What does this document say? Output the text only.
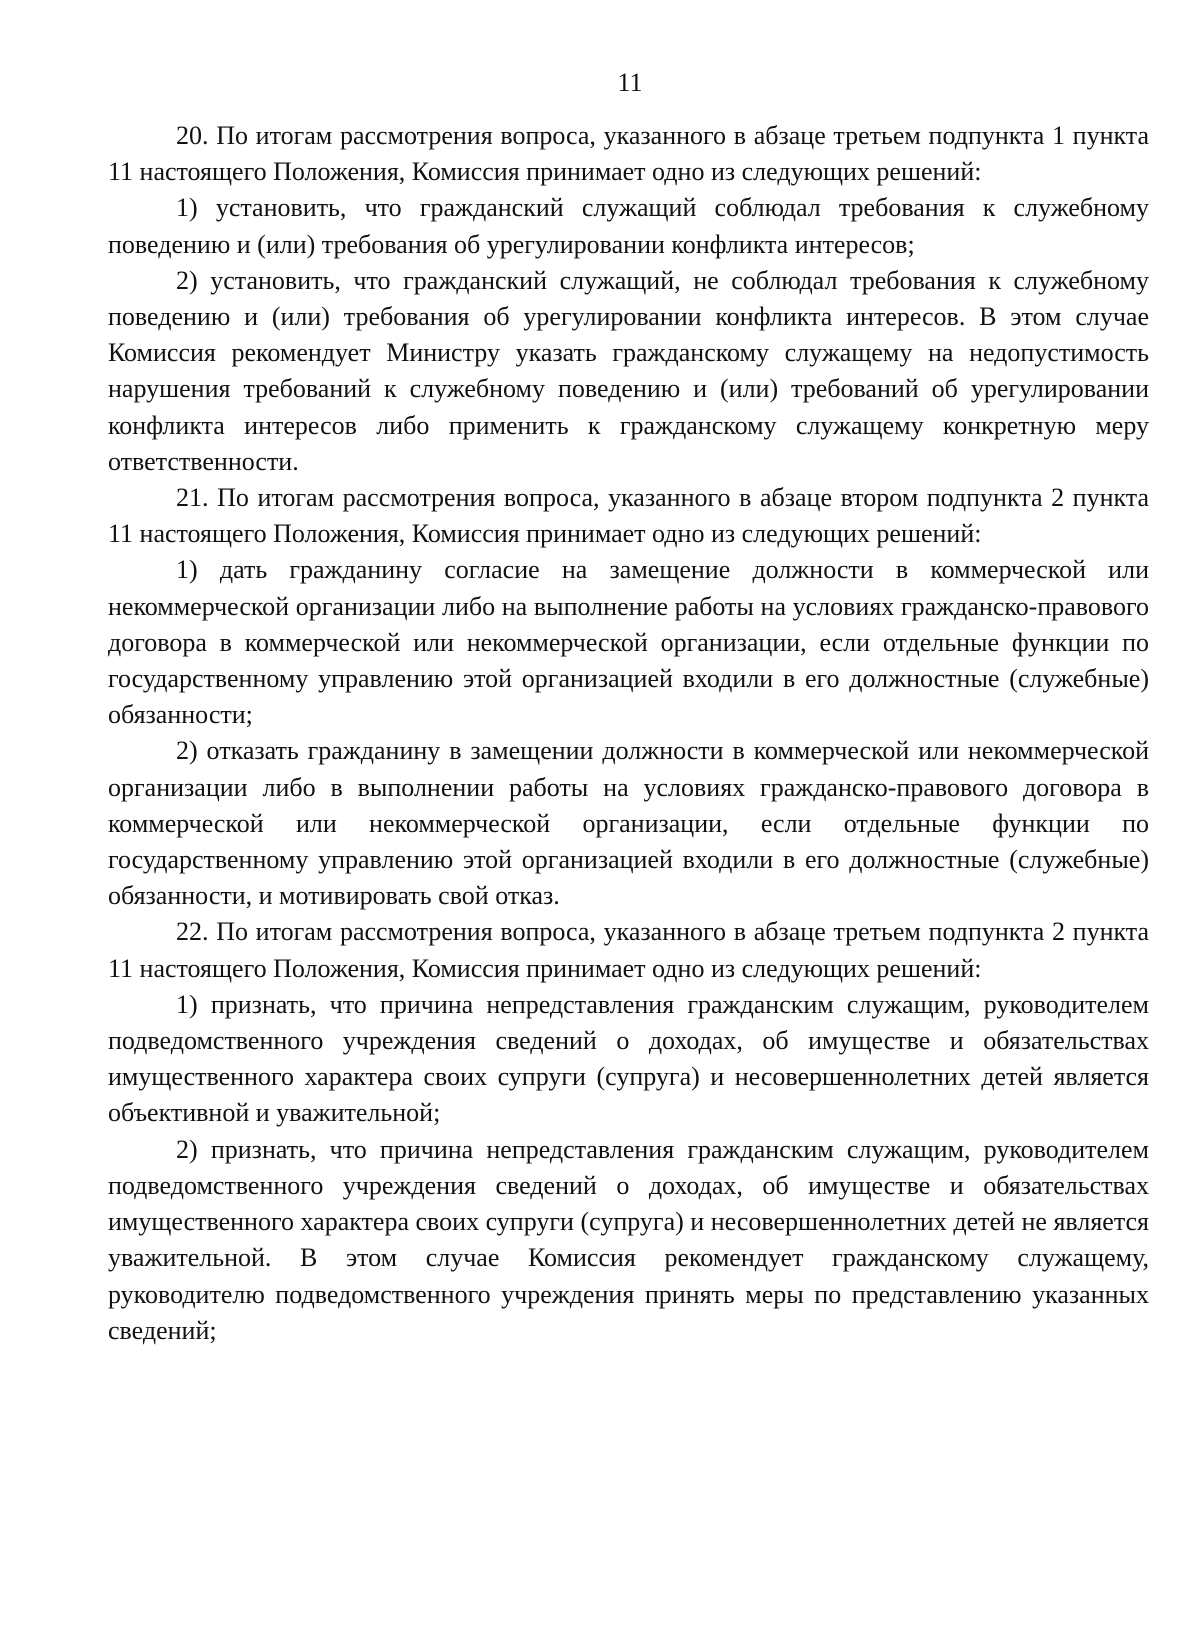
11

20. По итогам рассмотрения вопроса, указанного в абзаце третьем подпункта 1 пункта 11 настоящего Положения, Комиссия принимает одно из следующих решений:

1) установить, что гражданский служащий соблюдал требования к служебному поведению и (или) требования об урегулировании конфликта интересов;

2) установить, что гражданский служащий, не соблюдал требования к служебному поведению и (или) требования об урегулировании конфликта интересов. В этом случае Комиссия рекомендует Министру указать гражданскому служащему на недопустимость нарушения требований к служебному поведению и (или) требований об урегулировании конфликта интересов либо применить к гражданскому служащему конкретную меру ответственности.

21. По итогам рассмотрения вопроса, указанного в абзаце втором подпункта 2 пункта 11 настоящего Положения, Комиссия принимает одно из следующих решений:

1) дать гражданину согласие на замещение должности в коммерческой или некоммерческой организации либо на выполнение работы на условиях гражданско-правового договора в коммерческой или некоммерческой организации, если отдельные функции по государственному управлению этой организацией входили в его должностные (служебные) обязанности;

2) отказать гражданину в замещении должности в коммерческой или некоммерческой организации либо в выполнении работы на условиях гражданско-правового договора в коммерческой или некоммерческой организации, если отдельные функции по государственному управлению этой организацией входили в его должностные (служебные) обязанности, и мотивировать свой отказ.

22. По итогам рассмотрения вопроса, указанного в абзаце третьем подпункта 2 пункта 11 настоящего Положения, Комиссия принимает одно из следующих решений:

1) признать, что причина непредставления гражданским служащим, руководителем подведомственного учреждения сведений о доходах, об имуществе и обязательствах имущественного характера своих супруги (супруга) и несовершеннолетних детей является объективной и уважительной;

2) признать, что причина непредставления гражданским служащим, руководителем подведомственного учреждения сведений о доходах, об имуществе и обязательствах имущественного характера своих супруги (супруга) и несовершеннолетних детей не является уважительной. В этом случае Комиссия рекомендует гражданскому служащему, руководителю подведомственного учреждения принять меры по представлению указанных сведений;
